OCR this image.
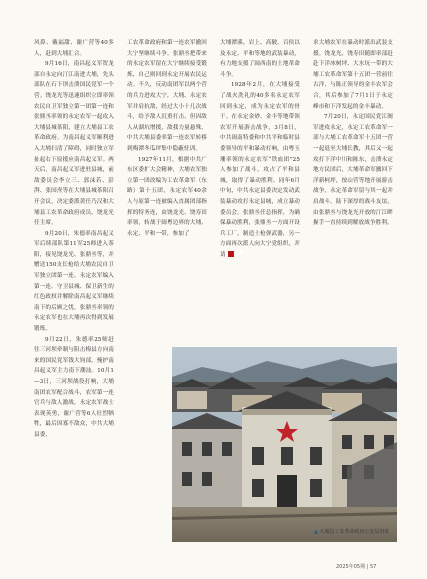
风鼻、戴福甜、谢广营等40多人，赶到大埔汇合。

9月16日，南昌起义军贺龙部自永定向汀江南进大埔，先头部队在石下坝击溃国民党军一个营。饶龙光等迅速组织立即率领农民自卫军独立第一团第一连和张鼎丞率领的永定农军一起攻入大埔县城茶阳，建立大埔县工农革命政府。为南昌起义军顺利进入大埔扫清了障碍，同时独立军扯起右下原援应南昌起义军。两天后，南昌起义军进驻县城，前敌委员会李立三、郭沫若、彭湃、张国焘等在大埔县城茶阳召开会议，决定委派黄任乃汉和大埔县工农革命政府成员、饶龙光任主席。

9月20日，朱德率南昌起义军后续部队第11军25师进入茶阳，接见饶龙光、张鼎丞等，并赠送150支长枪给大埔农民自卫军独立团第一连、永定农军编入第一连、守卫县城、保卫新生的红色政权并解除南昌起义军继续南下的后顾之忧，张鼎丞率领的永定农军也在大埔再次得到发展锻炼。

9月22日，朱德率25师赶往三河坝牵制与阻击梅县方向南来的国民党军钱大钧部，掩护南昌起义军主力南下潮汕。10月1—3日，三河坝战役打响，大埔南团农军配合战斗，农军第一连官兵与敌人激战，永定农军战士表现英勇，谢广营等6人壮烈牺牲，最后因寡不敌众，中共大埔县委、

工农革命政府和第一连农军撤回大宁坚继续斗争。张鼎丞把带来的永定农军留在大宁继续接受锻炼，自己则回到永定开展农民运动。不久，反动南团军以两个营的兵力进攻大宁，大埔、永定农军并肩抗敌，经过大小十几次战斗，给予敌人沉重打击。但因敌人从湖坑增援，敌我力量悬殊，中共大埔县委率第一连农军转移到梅潭冬瓜坪集中隐蔽驻训。

1927年11月，根据中共广东区委扩大会精神，大埔农军独立第一团改编为工农革命军（东路）第十五团，永定农军40余人与原第一连被编入直属团部指挥的特务连，由饶龙光、饶寿田率领，转战于闽粤边界的大埔、永定、平和一带，参加了

大埔潭溪、岩上、高陂、百侯以及永定、平和等地的武装暴动，有力地支援了闽西南的土地革命斗争。

1928年2月，在大埔接受了战火洗礼的40多名永定农军回到永定，成为永定农军的骨干。在永定金砂、金丰等地带领农军开展游击战争，3月8日，中共闽南特委和中共平和临时县委领导的平和暴动打响，由粤玉珊率领的永定农军“铁血团”25人参加了战斗，攻占了平和县城，取得了暴动胜利。同年6月中旬，中共永定县委决定发动武装暴动攻打永定县城，成立暴动委员会，张鼎丞任总指挥，为确保暴动胜利，张鼎丞一方面开设兵工厂，制造土枪弹武器，另一方面再次派人向大宁党组织，并请	■

求大埔农军在暴动时派出武装支援。饶龙光、饶寿田随即率部赶赴下洋冰树坪、大水坑一带的大埔工农革命军第十五团一营前往古洋，与陈正领导的金丰农军会合，其后参加了7月1日于永定峰市和下洋发起的金丰暴动。

7月20日，永定国民党江阁军进攻永定，永定工农革命军一部与大埔工农革命军十五团一营一起退至大埔长教，其后又一起攻打下洋中川和陈东，击溃永定地方民团后，大埔革命军撤回下洋新柯坪，按山营等地开展游击战争，永定革命军留与其一起并肩战斗，陆下深厚的战斗友谊，由张鼎丞与饶龙光开放的汀江畔握手一直持续到解放战争胜利。

▲ 大埔县工农革命政府公安局旧址
2025年05期 | 57
